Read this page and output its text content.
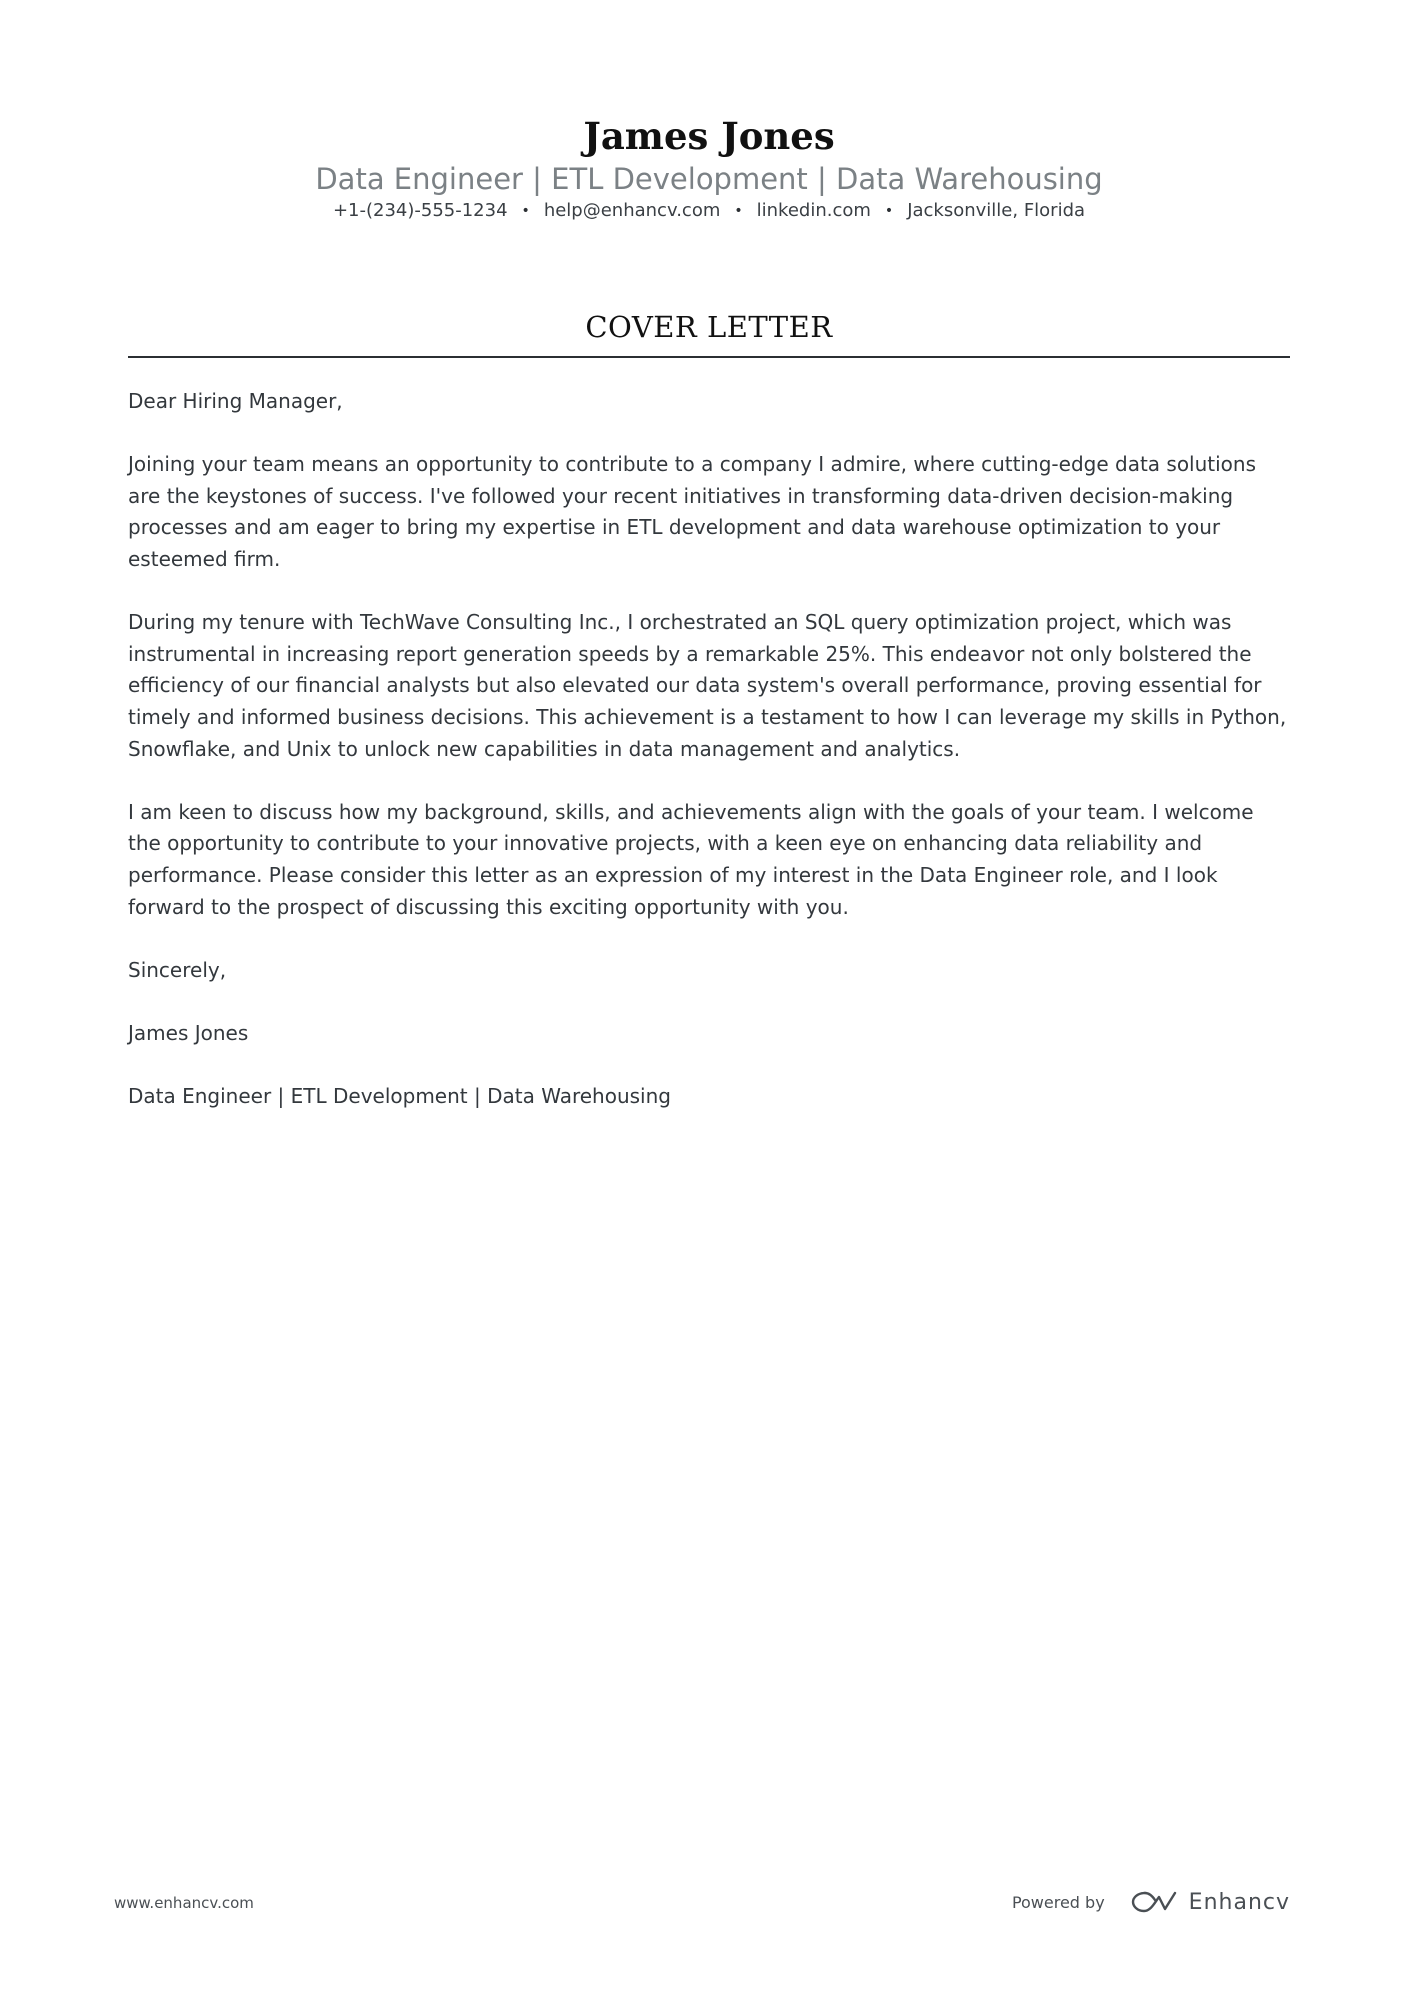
James Jones
Data Engineer | ETL Development | Data Warehousing
+1-(234)-555-1234 • help@enhancv.com • linkedin.com • Jacksonville, Florida
COVER LETTER

Dear Hiring Manager,

Joining your team means an opportunity to contribute to a company I admire, where cutting-edge data solutions are the keystones of success. I've followed your recent initiatives in transforming data-driven decision-making processes and am eager to bring my expertise in ETL development and data warehouse optimization to your esteemed firm.

During my tenure with TechWave Consulting Inc., I orchestrated an SQL query optimization project, which was instrumental in increasing report generation speeds by a remarkable 25%. This endeavor not only bolstered the efficiency of our financial analysts but also elevated our data system's overall performance, proving essential for timely and informed business decisions. This achievement is a testament to how I can leverage my skills in Python, Snowflake, and Unix to unlock new capabilities in data management and analytics.

I am keen to discuss how my background, skills, and achievements align with the goals of your team. I welcome the opportunity to contribute to your innovative projects, with a keen eye on enhancing data reliability and performance. Please consider this letter as an expression of my interest in the Data Engineer role, and I look forward to the prospect of discussing this exciting opportunity with you.

Sincerely,

James Jones

Data Engineer | ETL Development | Data Warehousing

www.enhancv.com	Powered by	Enhancv
